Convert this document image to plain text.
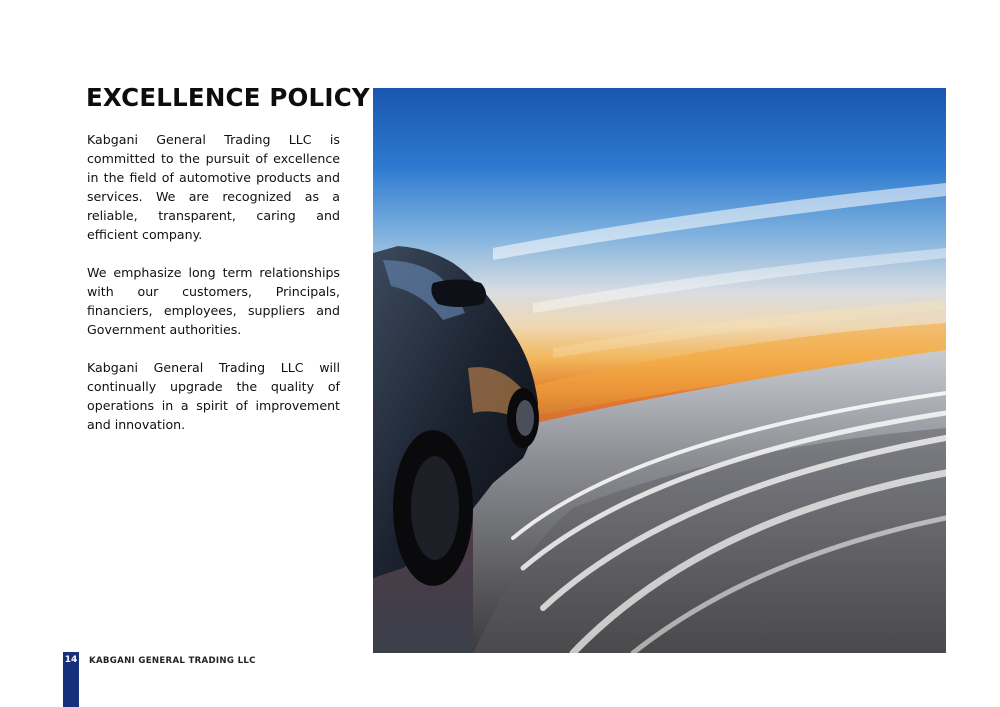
EXCELLENCE POLICY

Kabgani General Trading LLC is committed to the pursuit of excellence in the field of automotive products and services. We are recognized as a reliable, transparent, caring and efficient company.

We emphasize long term relationships with our customers, Principals, financiers, employees, suppliers and Government authorities.

Kabgani General Trading LLC will continually upgrade the quality of operations in a spirit of improvement and innovation.

14 KABGANI GENERAL TRADING LLC
